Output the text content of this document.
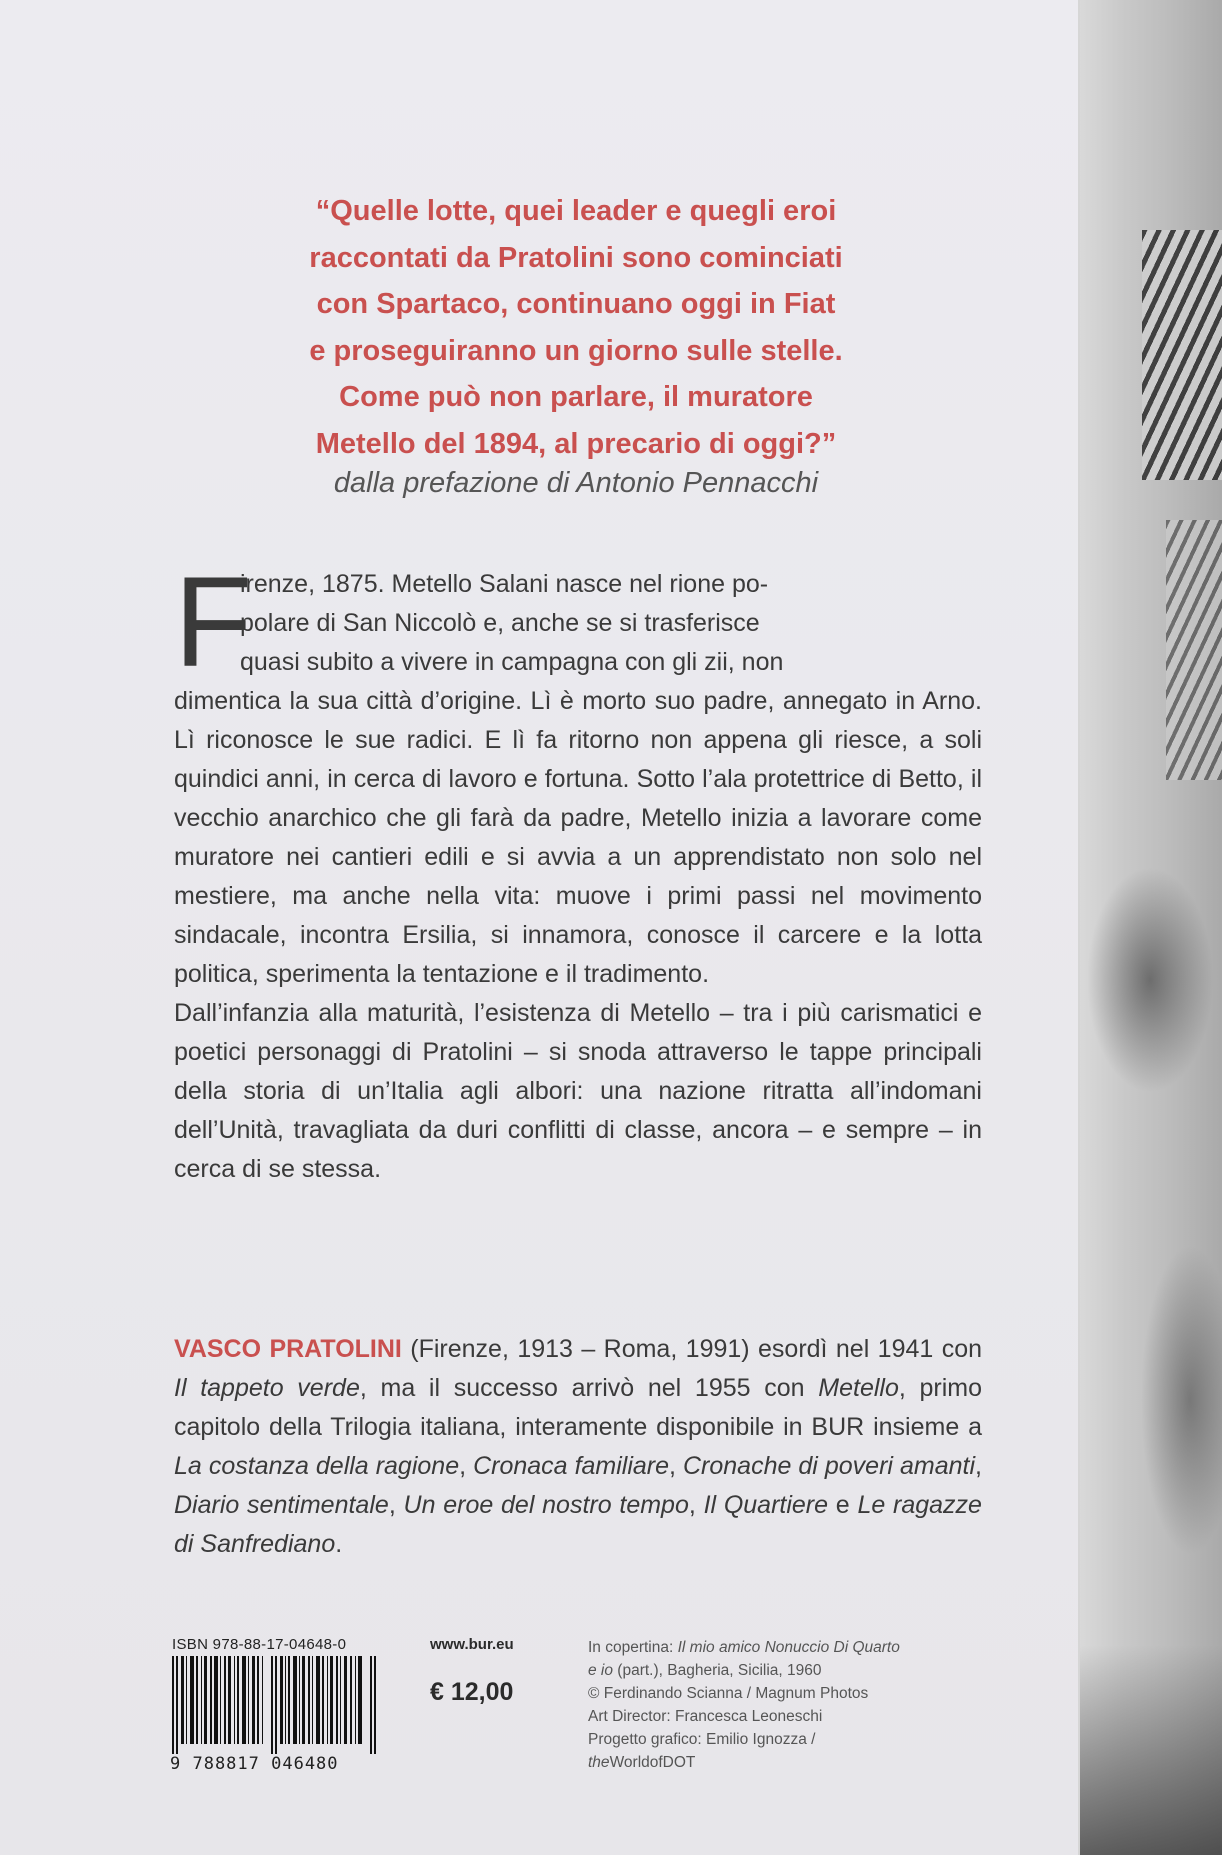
“Quelle lotte, quei leader e quegli eroi

raccontati da Pratolini sono cominciati

con Spartaco, continuano oggi in Fiat

e proseguiranno un giorno sulle stelle.

Come può non parlare, il muratore

Metello del 1894, al precario di oggi?”

dalla prefazione di Antonio Pennacchi
F

irenze, 1875. Metello Salani nasce nel rione po-
polare di San Niccolò e, anche se si trasferisce
quasi subito a vivere in campagna con gli zii, non
dimentica la sua città d’origine. Lì è morto suo padre, annegato in Arno. Lì riconosce le sue radici. E lì fa ritorno non appena gli riesce, a soli quindici anni, in cerca di lavoro e fortuna. Sotto l’ala protettrice di Betto, il vecchio anarchico che gli farà da padre, Metello inizia a lavorare come muratore nei cantieri edili e si avvia a un apprendistato non solo nel mestiere, ma anche nella vita: muove i primi passi nel movimento sindacale, incontra Ersilia, si innamora, conosce il carcere e la lotta politica, sperimenta la tentazione e il tradimento.

Dall’infanzia alla maturità, l’esistenza di Metello – tra i più carismatici e poetici personaggi di Pratolini – si snoda attraverso le tappe principali della storia di un’Italia agli albori: una nazione ritratta all’indomani dell’Unità, travagliata da duri conflitti di classe, ancora – e sempre – in cerca di se stessa.

VASCO PRATOLINI (Firenze, 1913 – Roma, 1991) esordì nel 1941 con Il tappeto verde, ma il successo arrivò nel 1955 con Metello, primo capitolo della Trilogia italiana, interamente disponibile in BUR insieme a La costanza della ragione, Cronaca familiare, Cronache di poveri amanti, Diario sentimentale, Un eroe del nostro tempo, Il Quartiere e Le ragazze di Sanfrediano.
ISBN 978-88-17-04648-0
9 788817 046480
www.bur.eu
€ 12,00
In copertina: Il mio amico Nonuccio Di Quarto
e io (part.), Bagheria, Sicilia, 1960
© Ferdinando Scianna / Magnum Photos
Art Director: Francesca Leoneschi
Progetto grafico: Emilio Ignozza /
theWorldofDOT
